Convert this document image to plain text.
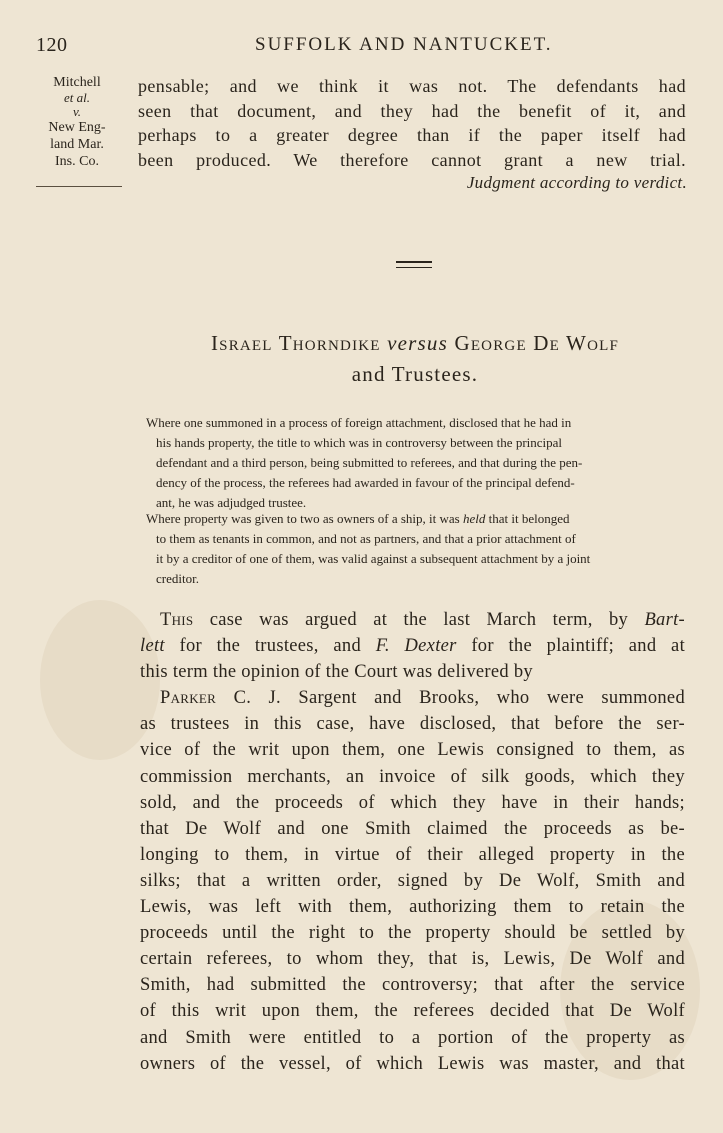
120	SUFFOLK AND NANTUCKET.
Mitchell
et al.
v.
New Eng-
land Mar.
Ins. Co.
pensable; and we think it was not. The defendants had
seen that document, and they had the benefit of it, and
perhaps to a greater degree than if the paper itself had
been produced. We therefore cannot grant a new trial.
Judgment according to verdict.
Israel Thorndike versus George De Wolf
and Trustees.
Where one summoned in a process of foreign attachment, disclosed that he had in
his hands property, the title to which was in controversy between the principal
defendant and a third person, being submitted to referees, and that during the pen-
dency of the process, the referees had awarded in favour of the principal defend-
ant, he was adjudged trustee.
Where property was given to two as owners of a ship, it was held that it belonged
to them as tenants in common, and not as partners, and that a prior attachment of
it by a creditor of one of them, was valid against a subsequent attachment by a joint
creditor.
This case was argued at the last March term, by Bart-
lett for the trustees, and F. Dexter for the plaintiff; and at
this term the opinion of the Court was delivered by
Parker C. J. Sargent and Brooks, who were summoned
as trustees in this case, have disclosed, that before the ser-
vice of the writ upon them, one Lewis consigned to them, as
commission merchants, an invoice of silk goods, which they
sold, and the proceeds of which they have in their hands;
that De Wolf and one Smith claimed the proceeds as be-
longing to them, in virtue of their alleged property in the
silks; that a written order, signed by De Wolf, Smith and
Lewis, was left with them, authorizing them to retain the
proceeds until the right to the property should be settled by
certain referees, to whom they, that is, Lewis, De Wolf and
Smith, had submitted the controversy; that after the service
of this writ upon them, the referees decided that De Wolf
and Smith were entitled to a portion of the property as
owners of the vessel, of which Lewis was master, and that
